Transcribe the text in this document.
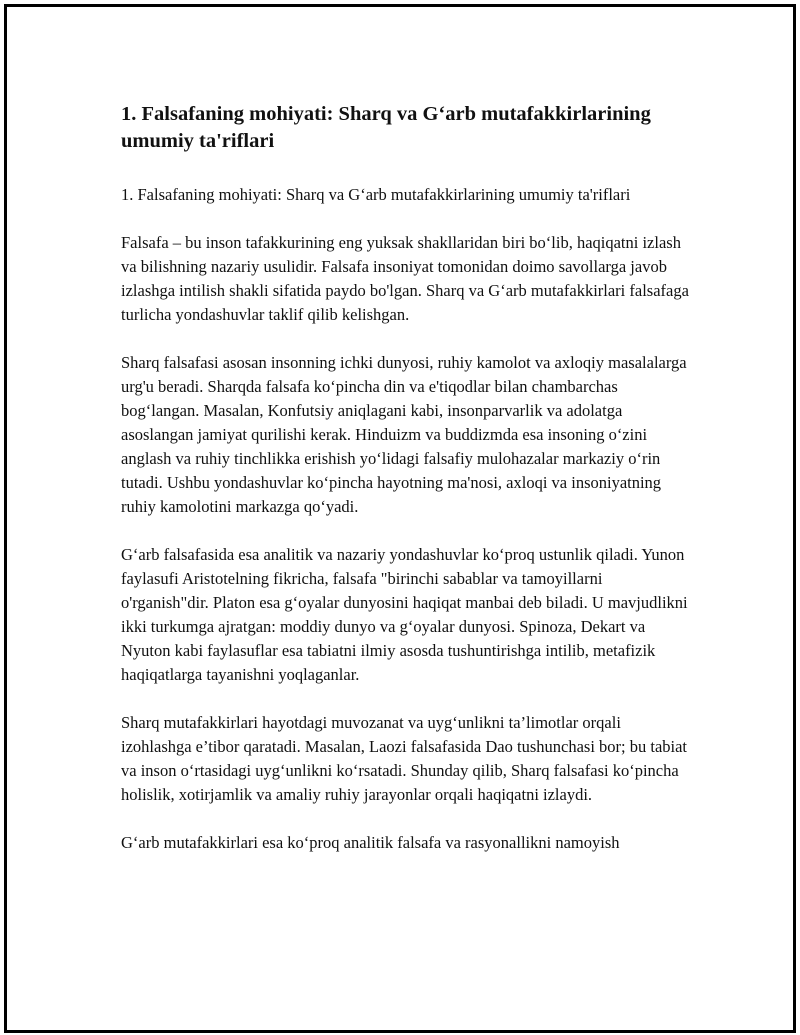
1. Falsafaning mohiyati: Sharq va G‘arb mutafakkirlarining umumiy ta'riflari

1. Falsafaning mohiyati: Sharq va G‘arb mutafakkirlarining umumiy ta'riflari

Falsafa – bu inson tafakkurining eng yuksak shakllaridan biri bo‘lib, haqiqatni izlash va bilishning nazariy usulidir. Falsafa insoniyat tomonidan doimo savollarga javob izlashga intilish shakli sifatida paydo bo'lgan. Sharq va G‘arb mutafakkirlari falsafaga turlicha yondashuvlar taklif qilib kelishgan.

Sharq falsafasi asosan insonning ichki dunyosi, ruhiy kamolot va axloqiy masalalarga urg'u beradi. Sharqda falsafa ko‘pincha din va e'tiqodlar bilan chambarchas bog‘langan. Masalan, Konfutsiy aniqlagani kabi, insonparvarlik va adolatga asoslangan jamiyat qurilishi kerak. Hinduizm va buddizmda esa insoning o‘zini anglash va ruhiy tinchlikka erishish yo‘lidagi falsafiy mulohazalar markaziy o‘rin tutadi. Ushbu yondashuvlar ko‘pincha hayotning ma'nosi, axloqi va insoniyatning ruhiy kamolotini markazga qo‘yadi.

G‘arb falsafasida esa analitik va nazariy yondashuvlar ko‘proq ustunlik qiladi. Yunon faylasufi Aristotelning fikricha, falsafa "birinchi sabablar va tamoyillarni o'rganish"dir. Platon esa g‘oyalar dunyosini haqiqat manbai deb biladi. U mavjudlikni ikki turkumga ajratgan: moddiy dunyo va g‘oyalar dunyosi. Spinoza, Dekart va Nyuton kabi faylasuflar esa tabiatni ilmiy asosda tushuntirishga intilib, metafizik haqiqatlarga tayanishni yoqlaganlar.

Sharq mutafakkirlari hayotdagi muvozanat va uyg‘unlikni ta’limotlar orqali izohlashga e’tibor qaratadi. Masalan, Laozi falsafasida Dao tushunchasi bor; bu tabiat va inson o‘rtasidagi uyg‘unlikni ko‘rsatadi. Shunday qilib, Sharq falsafasi ko‘pincha holislik, xotirjamlik va amaliy ruhiy jarayonlar orqali haqiqatni izlaydi.

G‘arb mutafakkirlari esa ko‘proq analitik falsafa va rasyonallikni namoyish
